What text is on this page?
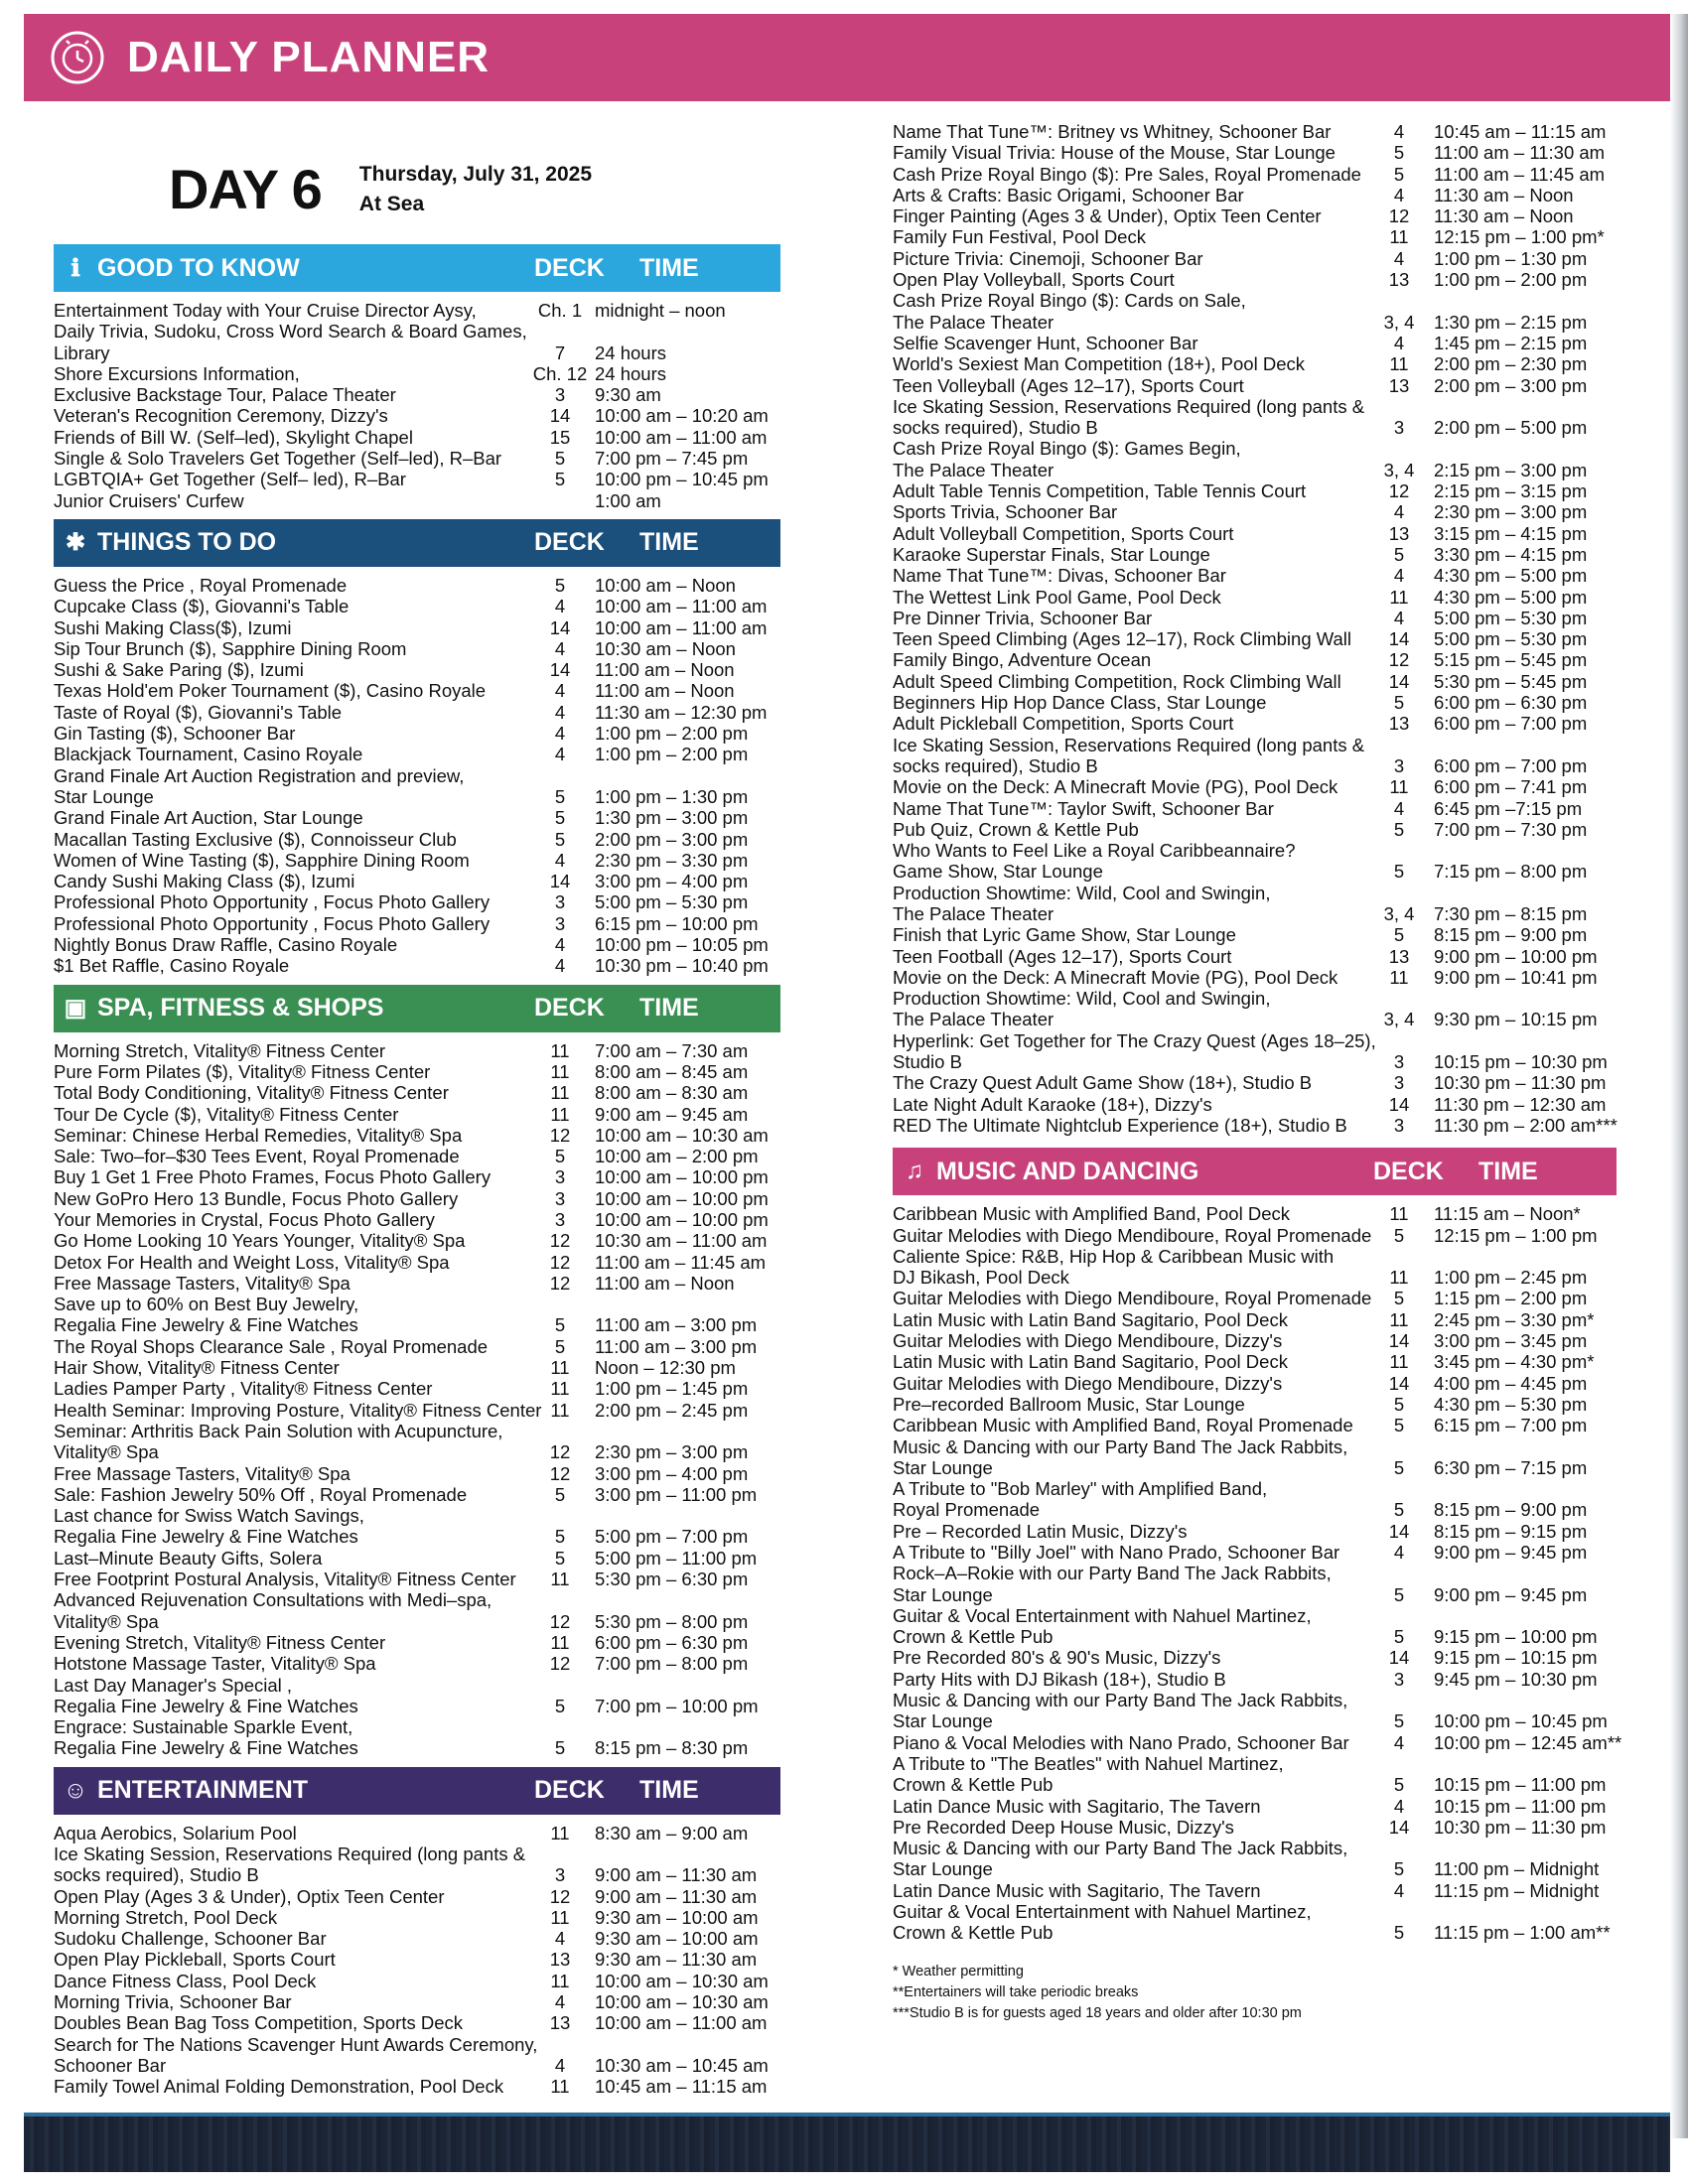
DAILY PLANNER
DAY 6 Thursday, July 31, 2025
At Sea
ℹ GOOD TO KNOW	DECK TIME
Entertainment Today with Your Cruise Director Aysy,	Ch. 1 midnight – noon
Daily Trivia, Sudoku, Cross Word Search & Board Games,
Library	7	24 hours
Shore Excursions Information,	Ch. 12 24 hours
Exclusive Backstage Tour, Palace Theater	3	9:30 am
Veteran's Recognition Ceremony, Dizzy's	14	10:00 am – 10:20 am
Friends of Bill W. (Self–led), Skylight Chapel	15	10:00 am – 11:00 am
Single & Solo Travelers Get Together (Self–led), R–Bar	5	7:00 pm – 7:45 pm
LGBTQIA+ Get Together (Self– led), R–Bar	5	10:00 pm – 10:45 pm
Junior Cruisers' Curfew	1:00 am
✱ THINGS TO DO	DECK TIME
Guess the Price , Royal Promenade	5	10:00 am – Noon
Cupcake Class ($), Giovanni's Table	4	10:00 am – 11:00 am
Sushi Making Class($), Izumi	14	10:00 am – 11:00 am
Sip Tour Brunch ($), Sapphire Dining Room	4	10:30 am – Noon
Sushi & Sake Paring ($), Izumi	14	11:00 am – Noon
Texas Hold'em Poker Tournament ($), Casino Royale	4	11:00 am – Noon
Taste of Royal ($), Giovanni's Table	4	11:30 am – 12:30 pm
Gin Tasting ($), Schooner Bar	4	1:00 pm – 2:00 pm
Blackjack Tournament, Casino Royale	4	1:00 pm – 2:00 pm
Grand Finale Art Auction Registration and preview,
Star Lounge	5	1:00 pm – 1:30 pm
Grand Finale Art Auction, Star Lounge	5	1:30 pm – 3:00 pm
Macallan Tasting Exclusive ($), Connoisseur Club	5	2:00 pm – 3:00 pm
Women of Wine Tasting ($), Sapphire Dining Room	4	2:30 pm – 3:30 pm
Candy Sushi Making Class ($), Izumi	14	3:00 pm – 4:00 pm
Professional Photo Opportunity , Focus Photo Gallery	3	5:00 pm – 5:30 pm
Professional Photo Opportunity , Focus Photo Gallery	3	6:15 pm – 10:00 pm
Nightly Bonus Draw Raffle, Casino Royale	4	10:00 pm – 10:05 pm
$1 Bet Raffle, Casino Royale	4	10:30 pm – 10:40 pm
▣ SPA, FITNESS & SHOPS	DECK TIME
Morning Stretch, Vitality® Fitness Center	11	7:00 am – 7:30 am
Pure Form Pilates ($), Vitality® Fitness Center	11	8:00 am – 8:45 am
Total Body Conditioning, Vitality® Fitness Center	11	8:00 am – 8:30 am
Tour De Cycle ($), Vitality® Fitness Center	11	9:00 am – 9:45 am
Seminar: Chinese Herbal Remedies, Vitality® Spa	12	10:00 am – 10:30 am
Sale: Two–for–$30 Tees Event, Royal Promenade	5	10:00 am – 2:00 pm
Buy 1 Get 1 Free Photo Frames, Focus Photo Gallery	3	10:00 am – 10:00 pm
New GoPro Hero 13 Bundle, Focus Photo Gallery	3	10:00 am – 10:00 pm
Your Memories in Crystal, Focus Photo Gallery	3	10:00 am – 10:00 pm
Go Home Looking 10 Years Younger, Vitality® Spa	12	10:30 am – 11:00 am
Detox For Health and Weight Loss, Vitality® Spa	12	11:00 am – 11:45 am
Free Massage Tasters, Vitality® Spa	12	11:00 am – Noon
Save up to 60% on Best Buy Jewelry,
Regalia Fine Jewelry & Fine Watches	5	11:00 am – 3:00 pm
The Royal Shops Clearance Sale , Royal Promenade	5	11:00 am – 3:00 pm
Hair Show, Vitality® Fitness Center	11	Noon – 12:30 pm
Ladies Pamper Party , Vitality® Fitness Center	11	1:00 pm – 1:45 pm
Health Seminar: Improving Posture, Vitality® Fitness Center 11	2:00 pm – 2:45 pm
Seminar: Arthritis Back Pain Solution with Acupuncture,
Vitality® Spa	12	2:30 pm – 3:00 pm
Free Massage Tasters, Vitality® Spa	12	3:00 pm – 4:00 pm
Sale: Fashion Jewelry 50% Off , Royal Promenade	5	3:00 pm – 11:00 pm
Last chance for Swiss Watch Savings,
Regalia Fine Jewelry & Fine Watches	5	5:00 pm – 7:00 pm
Last–Minute Beauty Gifts, Solera	5	5:00 pm – 11:00 pm
Free Footprint Postural Analysis, Vitality® Fitness Center	11	5:30 pm – 6:30 pm
Advanced Rejuvenation Consultations with Medi–spa,
Vitality® Spa	12	5:30 pm – 8:00 pm
Evening Stretch, Vitality® Fitness Center	11	6:00 pm – 6:30 pm
Hotstone Massage Taster, Vitality® Spa	12	7:00 pm – 8:00 pm
Last Day Manager's Special ,
Regalia Fine Jewelry & Fine Watches	5	7:00 pm – 10:00 pm
Engrace: Sustainable Sparkle Event,
Regalia Fine Jewelry & Fine Watches	5	8:15 pm – 8:30 pm
☺ ENTERTAINMENT	DECK TIME
Aqua Aerobics, Solarium Pool	11	8:30 am – 9:00 am
Ice Skating Session, Reservations Required (long pants &
socks required), Studio B	3	9:00 am – 11:30 am
Open Play (Ages 3 & Under), Optix Teen Center	12	9:00 am – 11:30 am
Morning Stretch, Pool Deck	11	9:30 am – 10:00 am
Sudoku Challenge, Schooner Bar	4	9:30 am – 10:00 am
Open Play Pickleball, Sports Court	13	9:30 am – 11:30 am
Dance Fitness Class, Pool Deck	11	10:00 am – 10:30 am
Morning Trivia, Schooner Bar	4	10:00 am – 10:30 am
Doubles Bean Bag Toss Competition, Sports Deck	13	10:00 am – 11:00 am
Search for The Nations Scavenger Hunt Awards Ceremony,
Schooner Bar	4	10:30 am – 10:45 am
Family Towel Animal Folding Demonstration, Pool Deck	11	10:45 am – 11:15 am
Name That Tune™: Britney vs Whitney, Schooner Bar	4	10:45 am – 11:15 am
Family Visual Trivia: House of the Mouse, Star Lounge	5	11:00 am – 11:30 am
Cash Prize Royal Bingo ($): Pre Sales, Royal Promenade	5	11:00 am – 11:45 am
Arts & Crafts: Basic Origami, Schooner Bar	4	11:30 am – Noon
Finger Painting (Ages 3 & Under), Optix Teen Center	12	11:30 am – Noon
Family Fun Festival, Pool Deck	11	12:15 pm – 1:00 pm*
Picture Trivia: Cinemoji, Schooner Bar	4	1:00 pm – 1:30 pm
Open Play Volleyball, Sports Court	13	1:00 pm – 2:00 pm
Cash Prize Royal Bingo ($): Cards on Sale,
The Palace Theater	3, 4	1:30 pm – 2:15 pm
Selfie Scavenger Hunt, Schooner Bar	4	1:45 pm – 2:15 pm
World's Sexiest Man Competition (18+), Pool Deck	11	2:00 pm – 2:30 pm
Teen Volleyball (Ages 12–17), Sports Court	13	2:00 pm – 3:00 pm
Ice Skating Session, Reservations Required (long pants &
socks required), Studio B	3	2:00 pm – 5:00 pm
Cash Prize Royal Bingo ($): Games Begin,
The Palace Theater	3, 4	2:15 pm – 3:00 pm
Adult Table Tennis Competition, Table Tennis Court	12	2:15 pm – 3:15 pm
Sports Trivia, Schooner Bar	4	2:30 pm – 3:00 pm
Adult Volleyball Competition, Sports Court	13	3:15 pm – 4:15 pm
Karaoke Superstar Finals, Star Lounge	5	3:30 pm – 4:15 pm
Name That Tune™: Divas, Schooner Bar	4	4:30 pm – 5:00 pm
The Wettest Link Pool Game, Pool Deck	11	4:30 pm – 5:00 pm
Pre Dinner Trivia, Schooner Bar	4	5:00 pm – 5:30 pm
Teen Speed Climbing (Ages 12–17), Rock Climbing Wall	14	5:00 pm – 5:30 pm
Family Bingo, Adventure Ocean	12	5:15 pm – 5:45 pm
Adult Speed Climbing Competition, Rock Climbing Wall	14	5:30 pm – 5:45 pm
Beginners Hip Hop Dance Class, Star Lounge	5	6:00 pm – 6:30 pm
Adult Pickleball Competition, Sports Court	13	6:00 pm – 7:00 pm
Ice Skating Session, Reservations Required (long pants &
socks required), Studio B	3	6:00 pm – 7:00 pm
Movie on the Deck: A Minecraft Movie (PG), Pool Deck	11	6:00 pm – 7:41 pm
Name That Tune™: Taylor Swift, Schooner Bar	4	6:45 pm –7:15 pm
Pub Quiz, Crown & Kettle Pub	5	7:00 pm – 7:30 pm
Who Wants to Feel Like a Royal Caribbeannaire?
Game Show, Star Lounge	5	7:15 pm – 8:00 pm
Production Showtime: Wild, Cool and Swingin,
The Palace Theater	3, 4	7:30 pm – 8:15 pm
Finish that Lyric Game Show, Star Lounge	5	8:15 pm – 9:00 pm
Teen Football (Ages 12–17), Sports Court	13	9:00 pm – 10:00 pm
Movie on the Deck: A Minecraft Movie (PG), Pool Deck	11	9:00 pm – 10:41 pm
Production Showtime: Wild, Cool and Swingin,
The Palace Theater	3, 4	9:30 pm – 10:15 pm
Hyperlink: Get Together for The Crazy Quest (Ages 18–25),
Studio B	3	10:15 pm – 10:30 pm
The Crazy Quest Adult Game Show (18+), Studio B	3	10:30 pm – 11:30 pm
Late Night Adult Karaoke (18+), Dizzy's	14	11:30 pm – 12:30 am
RED The Ultimate Nightclub Experience (18+), Studio B	3	11:30 pm – 2:00 am***
♫ MUSIC AND DANCING	DECK TIME
Caribbean Music with Amplified Band, Pool Deck	11	11:15 am – Noon*
Guitar Melodies with Diego Mendiboure, Royal Promenade	5	12:15 pm – 1:00 pm
Caliente Spice: R&B, Hip Hop & Caribbean Music with
DJ Bikash, Pool Deck	11	1:00 pm – 2:45 pm
Guitar Melodies with Diego Mendiboure, Royal Promenade	5	1:15 pm – 2:00 pm
Latin Music with Latin Band Sagitario, Pool Deck	11	2:45 pm – 3:30 pm*
Guitar Melodies with Diego Mendiboure, Dizzy's	14	3:00 pm – 3:45 pm
Latin Music with Latin Band Sagitario, Pool Deck	11	3:45 pm – 4:30 pm*
Guitar Melodies with Diego Mendiboure, Dizzy's	14	4:00 pm – 4:45 pm
Pre–recorded Ballroom Music, Star Lounge	5	4:30 pm – 5:30 pm
Caribbean Music with Amplified Band, Royal Promenade	5	6:15 pm – 7:00 pm
Music & Dancing with our Party Band The Jack Rabbits,
Star Lounge	5	6:30 pm – 7:15 pm
A Tribute to "Bob Marley" with Amplified Band,
Royal Promenade	5	8:15 pm – 9:00 pm
Pre – Recorded Latin Music, Dizzy's	14	8:15 pm – 9:15 pm
A Tribute to "Billy Joel" with Nano Prado, Schooner Bar	4	9:00 pm – 9:45 pm
Rock–A–Rokie with our Party Band The Jack Rabbits,
Star Lounge	5	9:00 pm – 9:45 pm
Guitar & Vocal Entertainment with Nahuel Martinez,
Crown & Kettle Pub	5	9:15 pm – 10:00 pm
Pre Recorded 80's & 90's Music, Dizzy's	14	9:15 pm – 10:15 pm
Party Hits with DJ Bikash (18+), Studio B	3	9:45 pm – 10:30 pm
Music & Dancing with our Party Band The Jack Rabbits,
Star Lounge	5	10:00 pm – 10:45 pm
Piano & Vocal Melodies with Nano Prado, Schooner Bar	4	10:00 pm – 12:45 am**
A Tribute to "The Beatles" with Nahuel Martinez,
Crown & Kettle Pub	5	10:15 pm – 11:00 pm
Latin Dance Music with Sagitario, The Tavern	4	10:15 pm – 11:00 pm
Pre Recorded Deep House Music, Dizzy's	14	10:30 pm – 11:30 pm
Music & Dancing with our Party Band The Jack Rabbits,
Star Lounge	5	11:00 pm – Midnight
Latin Dance Music with Sagitario, The Tavern	4	11:15 pm – Midnight
Guitar & Vocal Entertainment with Nahuel Martinez,
Crown & Kettle Pub	5	11:15 pm – 1:00 am**
* Weather permitting
**Entertainers will take periodic breaks
***Studio B is for guests aged 18 years and older after 10:30 pm
